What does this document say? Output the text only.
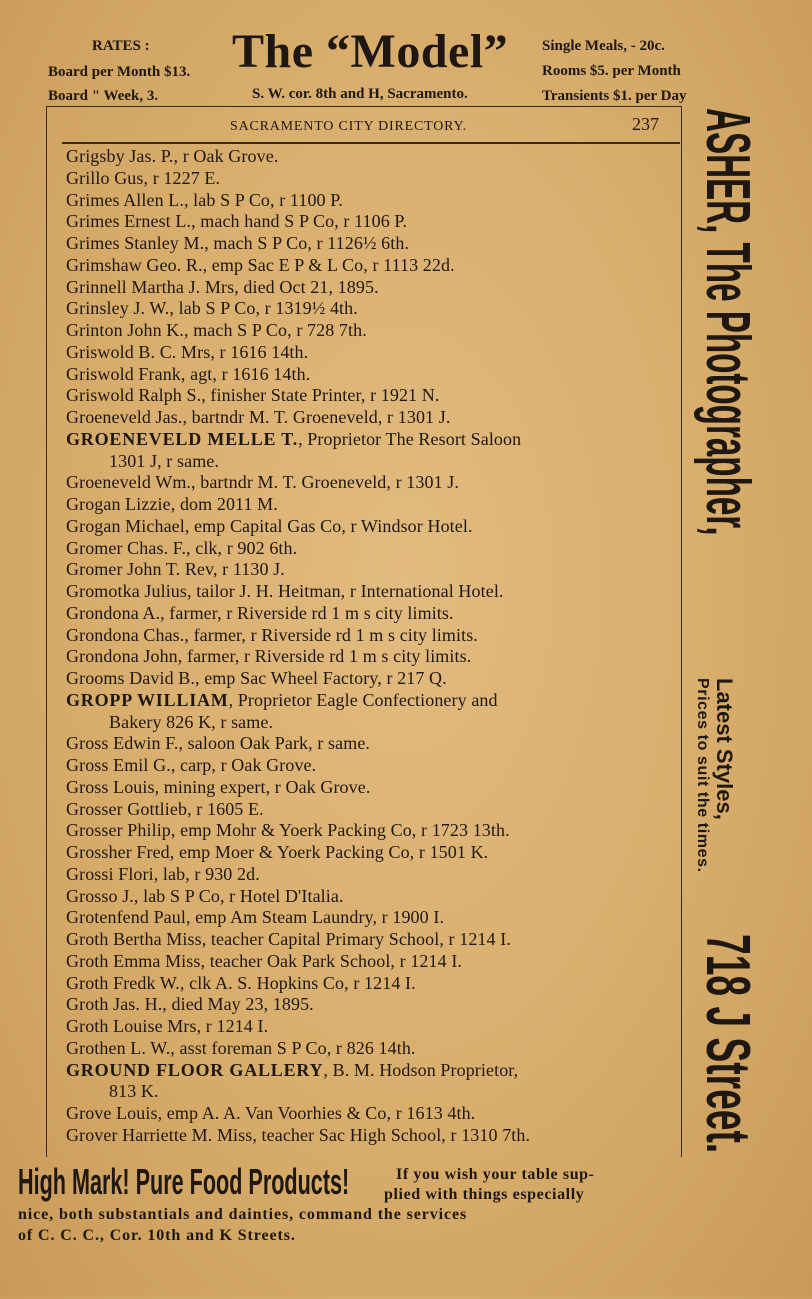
RATES :
Board per Month $13.
Board " Week, 3.
The “Model”
S. W. cor. 8th and H, Sacramento.
Single Meals, - 20c.
Rooms $5. per Month
Transients $1. per Day
SACRAMENTO CITY DIRECTORY.	237
Grigsby Jas. P., r Oak Grove.
Grillo Gus, r 1227 E.
Grimes Allen L., lab S P Co, r 1100 P.
Grimes Ernest L., mach hand S P Co, r 1106 P.
Grimes Stanley M., mach S P Co, r 1126½ 6th.
Grimshaw Geo. R., emp Sac E P & L Co, r 1113 22d.
Grinnell Martha J. Mrs, died Oct 21, 1895.
Grinsley J. W., lab S P Co, r 1319½ 4th.
Grinton John K., mach S P Co, r 728 7th.
Griswold B. C. Mrs, r 1616 14th.
Griswold Frank, agt, r 1616 14th.
Griswold Ralph S., finisher State Printer, r 1921 N.
Groeneveld Jas., bartndr M. T. Groeneveld, r 1301 J.
GROENEVELD MELLE T., Proprietor The Resort Saloon
1301 J, r same.
Groeneveld Wm., bartndr M. T. Groeneveld, r 1301 J.
Grogan Lizzie, dom 2011 M.
Grogan Michael, emp Capital Gas Co, r Windsor Hotel.
Gromer Chas. F., clk, r 902 6th.
Gromer John T. Rev, r 1130 J.
Gromotka Julius, tailor J. H. Heitman, r International Hotel.
Grondona A., farmer, r Riverside rd 1 m s city limits.
Grondona Chas., farmer, r Riverside rd 1 m s city limits.
Grondona John, farmer, r Riverside rd 1 m s city limits.
Grooms David B., emp Sac Wheel Factory, r 217 Q.
GROPP WILLIAM, Proprietor Eagle Confectionery and
Bakery 826 K, r same.
Gross Edwin F., saloon Oak Park, r same.
Gross Emil G., carp, r Oak Grove.
Gross Louis, mining expert, r Oak Grove.
Grosser Gottlieb, r 1605 E.
Grosser Philip, emp Mohr & Yoerk Packing Co, r 1723 13th.
Grossher Fred, emp Moer & Yoerk Packing Co, r 1501 K.
Grossi Flori, lab, r 930 2d.
Grosso J., lab S P Co, r Hotel D'Italia.
Grotenfend Paul, emp Am Steam Laundry, r 1900 I.
Groth Bertha Miss, teacher Capital Primary School, r 1214 I.
Groth Emma Miss, teacher Oak Park School, r 1214 I.
Groth Fredk W., clk A. S. Hopkins Co, r 1214 I.
Groth Jas. H., died May 23, 1895.
Groth Louise Mrs, r 1214 I.
Grothen L. W., asst foreman S P Co, r 826 14th.
GROUND FLOOR GALLERY, B. M. Hodson Proprietor,
813 K.
Grove Louis, emp A. A. Van Voorhies & Co, r 1613 4th.
Grover Harriette M. Miss, teacher Sac High School, r 1310 7th.
ASHER, The Photographer,
Latest Styles,
Prices to suit the times.
718 J Street.
High Mark! Pure Food Products!	If you wish your table sup-
plied with things especially
nice, both substantials and dainties, command the services
of C. C. C., Cor. 10th and K Streets.
